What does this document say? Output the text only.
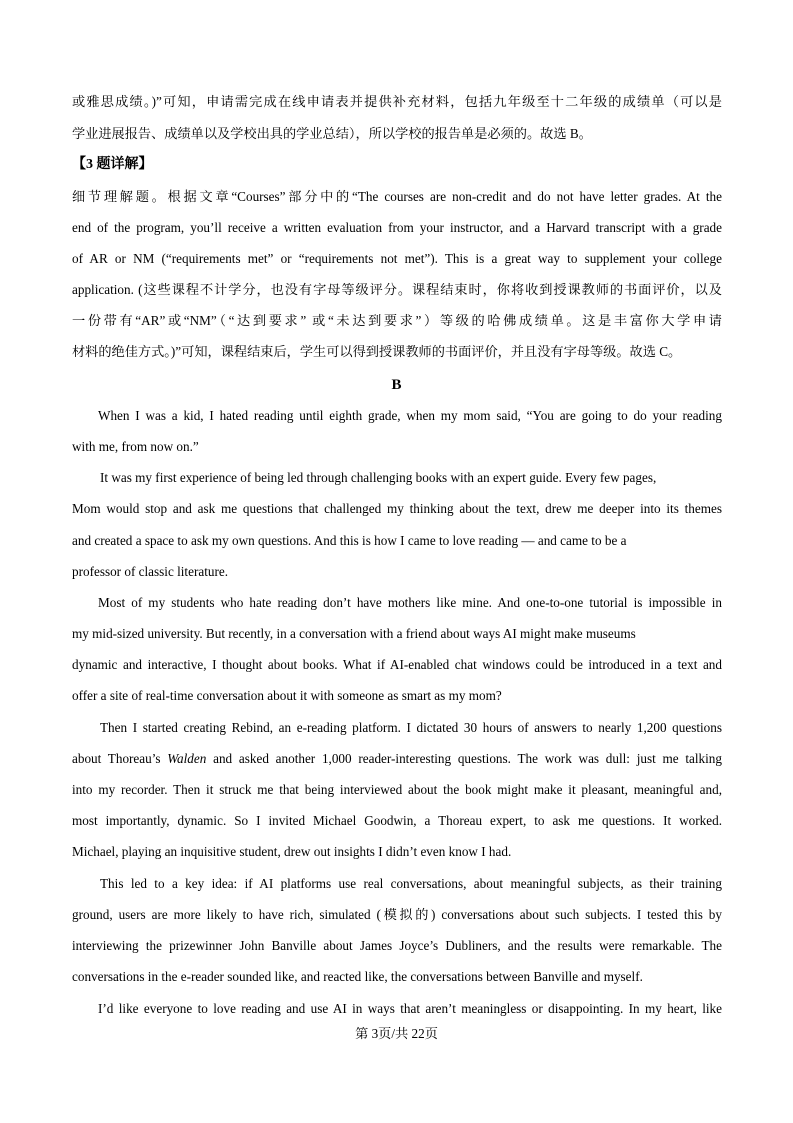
或雅思成绩。)”可知，申请需完成在线申请表并提供补充材料，包括九年级至十二年级的成绩单（可以是
学业进展报告、成绩单以及学校出具的学业总结），所以学校的报告单是必须的。故选 B。
【3 题详解】
细节理解题。根据文章“Courses”部分中的“The courses are non-credit and do not have letter grades. At the
end of the program, you’ll receive a written evaluation from your instructor, and a Harvard transcript with a grade
of AR or NM (“requirements met” or “requirements not met”). This is a great way to supplement your college
application. (这些课程不计学分，也没有字母等级评分。课程结束时，你将收到授课教师的书面评价，以及
一份带有“AR”或“NM”（“达到要求” 或“未达到要求”）等级的哈佛成绩单。这是丰富你大学申请
材料的绝佳方式。)”可知，课程结束后，学生可以得到授课教师的书面评价，并且没有字母等级。故选 C。
B
When I was a kid, I hated reading until eighth grade, when my mom said, “You are going to do your reading
with me, from now on.”
It was my first experience of being led through challenging books with an expert guide. Every few pages,
Mom would stop and ask me questions that challenged my thinking about the text, drew me deeper into its themes
and created a space to ask my own questions. And this is how I came to love reading — and came to be a
professor of classic literature.
Most of my students who hate reading don’t have mothers like mine. And one-to-one tutorial is impossible in
my mid-sized university. But recently, in a conversation with a friend about ways AI might make museums
dynamic and interactive, I thought about books. What if AI-enabled chat windows could be introduced in a text and
offer a site of real-time conversation about it with someone as smart as my mom?
Then I started creating Rebind, an e-reading platform. I dictated 30 hours of answers to nearly 1,200 questions
about Thoreau’s Walden and asked another 1,000 reader-interesting questions. The work was dull: just me talking
into my recorder. Then it struck me that being interviewed about the book might make it pleasant, meaningful and,
most importantly, dynamic. So I invited Michael Goodwin, a Thoreau expert, to ask me questions. It worked.
Michael, playing an inquisitive student, drew out insights I didn’t even know I had.
This led to a key idea: if AI platforms use real conversations, about meaningful subjects, as their training
ground, users are more likely to have rich, simulated (模拟的) conversations about such subjects. I tested this by
interviewing the prizewinner John Banville about James Joyce’s Dubliners, and the results were remarkable. The
conversations in the e-reader sounded like, and reacted like, the conversations between Banville and myself.
I’d like everyone to love reading and use AI in ways that aren’t meaningless or disappointing. In my heart, like
第 3页/共 22页
